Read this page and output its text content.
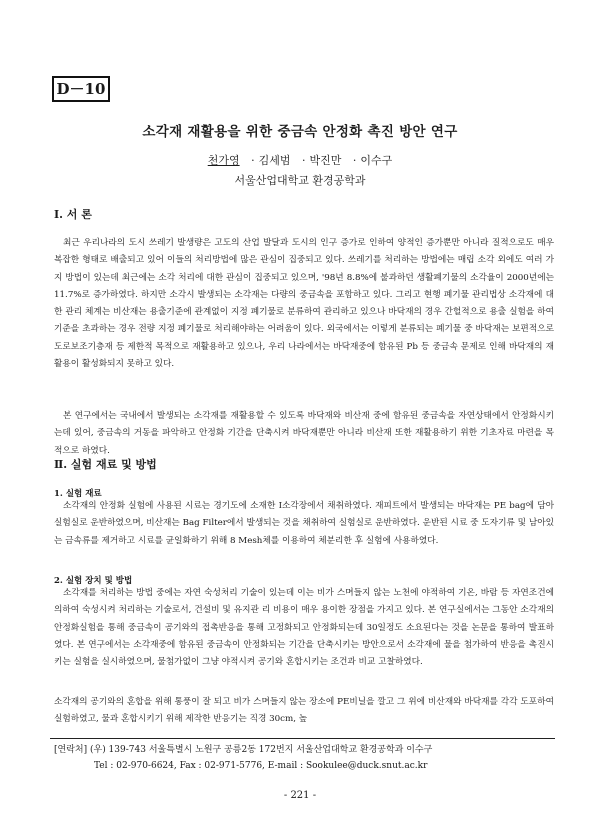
D－10
소각재 재활용을 위한 중금속 안정화 촉진 방안 연구
천가영 · 김세범 · 박진만 · 이수구
서울산업대학교 환경공학과
Ⅰ. 서 론

최근 우리나라의 도시 쓰레기 발생량은 고도의 산업 발달과 도시의 인구 증가로 인하여 양적인 증가뿐만 아니라 질적으로도 매우 복잡한 형태로 배출되고 있어 이들의 처리방법에 많은 관심이 집중되고 있다. 쓰레기를 처리하는 방법에는 매립 소각 외에도 여러 가지 방법이 있는데 최근에는 소각 처리에 대한 관심이 집중되고 있으며, '98년 8.8%에 불과하던 생활폐기물의 소각율이 2000년에는 11.7%로 증가하였다. 하지만 소각시 발생되는 소각재는 다량의 중금속을 포함하고 있다. 그리고 현행 폐기물 관리법상 소각재에 대한 관리 체계는 비산재는 용출기준에 관계없이 지정 폐기물로 분류하여 관리하고 있으나 바닥재의 경우 간헐적으로 용출 실험을 하여 기준을 초과하는 경우 전량 지정 폐기물로 처리해야하는 어려움이 있다. 외국에서는 이렇게 분류되는 폐기물 중 바닥재는 보편적으로 도로보조기층재 등 제한적 목적으로 재활용하고 있으나, 우리 나라에서는 바닥재중에 함유된 Pb 등 중금속 문제로 인해 바닥재의 재활용이 활성화되지 못하고 있다.

본 연구에서는 국내에서 발생되는 소각재를 재활용할 수 있도록 바닥재와 비산재 중에 함유된 중금속을 자연상태에서 안정화시키는데 있어, 중금속의 거동을 파악하고 안정화 기간을 단축시켜 바닥재뿐만 아니라 비산재 또한 재활용하기 위한 기초자료 마련을 목적으로 하였다.

Ⅱ. 실험 재료 및 방법
1. 실험 재료

소각재의 안정화 실험에 사용된 시료는 경기도에 소재한 I소각장에서 채취하였다. 재피트에서 발생되는 바닥재는 PE bag에 담아 실험실로 운반하였으며, 비산재는 Bag Filter에서 발생되는 것을 채취하여 실험실로 운반하였다. 운반된 시료 중 도자기류 및 남아있는 금속류를 제거하고 시료를 균일화하기 위해 8 Mesh체를 이용하여 체분리한 후 실험에 사용하였다.

2. 실험 장치 및 방법

소각재를 처리하는 방법 중에는 자연 숙성처리 기술이 있는데 이는 비가 스며들지 않는 노천에 야적하여 기온, 바람 등 자연조건에 의하여 숙성시켜 처리하는 기술로서, 건설비 및 유지관 리 비용이 매우 용이한 장점을 가지고 있다. 본 연구실에서는 그동안 소각재의 안정화실험을 통해 중금속이 공기와의 접촉반응을 통해 고정화되고 안정화되는데 30일정도 소요된다는 것을 논문을 통하여 발표하였다. 본 연구에서는 소각재중에 함유된 중금속이 안정화되는 기간을 단축시키는 방안으로서 소각재에 물을 첨가하여 반응을 촉진시키는 실험을 실시하였으며, 물첨가없이 그냥 야적시켜 공기와 혼합시키는 조건과 비교 고찰하였다.

소각재의 공기와의 혼합을 위해 통풍이 잘 되고 비가 스며들지 않는 장소에 PE비닐을 깔고 그 위에 비산재와 바닥재를 각각 도포하여 실험하였고, 물과 혼합시키기 위해 제작한 반응기는 직경 30cm, 높

[연락처] (우) 139-743 서울특별시 노원구 공릉2동 172번지 서울산업대학교 환경공학과 이수구
Tel : 02-970-6624, Fax : 02-971-5776, E-mail : Sookulee@duck.snut.ac.kr
- 221 -
